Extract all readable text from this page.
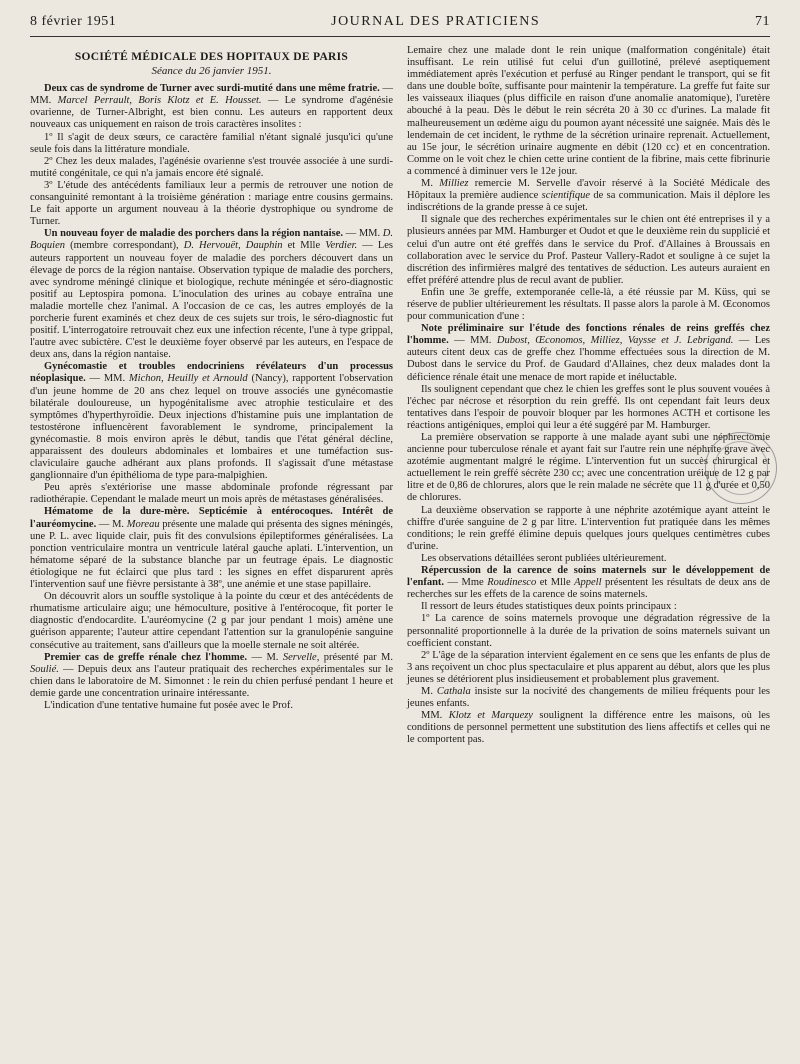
8 février 1951	JOURNAL DES PRATICIENS	71
SOCIÉTÉ MÉDICALE DES HOPITAUX DE PARIS
Séance du 26 janvier 1951.

Deux cas de syndrome de Turner avec surdi-mutité dans une même fratrie. — MM. Marcel Perrault, Boris Klotz et E. Housset. — Le syndrome d'agénésie ovarienne, de Turner-Albright, est bien connu. Les auteurs en rapportent deux nouveaux cas uniquement en raison de trois caractères insolites :

1º Il s'agit de deux sœurs, ce caractère familial n'étant signalé jusqu'ici qu'une seule fois dans la littérature mondiale.

2º Chez les deux malades, l'agénésie ovarienne s'est trouvée associée à une surdi-mutité congénitale, ce qui n'a jamais encore été signalé.

3º L'étude des antécédents familiaux leur a permis de retrouver une notion de consanguinité remontant à la troisième génération : mariage entre cousins germains. Le fait apporte un argument nouveau à la théorie dystrophique ou syndrome de Turner.

Un nouveau foyer de maladie des porchers dans la région nantaise. — MM. D. Boquien (membre correspondant), D. Hervouët, Dauphin et Mlle Verdier. — Les auteurs rapportent un nouveau foyer de maladie des porchers découvert dans un élevage de porcs de la région nantaise. Observation typique de maladie des porchers, avec syndrome méningé clinique et biologique, rechute méningée et séro-diagnostic positif au Leptospira pomona. L'inoculation des urines au cobaye entraîna une maladie mortelle chez l'animal. A l'occasion de ce cas, les autres employés de la porcherie furent examinés et chez deux de ces sujets sur trois, le séro-diagnostic fut positif. L'interrogatoire retrouvait chez eux une infection récente, l'une à type grippal, l'autre avec subictère. C'est le deuxième foyer observé par les auteurs, en l'espace de deux ans, dans la région nantaise.

Gynécomastie et troubles endocriniens révélateurs d'un processus néoplasique. — MM. Michon, Heuilly et Arnould (Nancy), rapportent l'observation d'un jeune homme de 20 ans chez lequel on trouve associés une gynécomastie bilatérale douloureuse, un hypogénitalisme avec atrophie testiculaire et des symptômes d'hyperthyroïdie. Deux injections d'histamine puis une implantation de testostérone influencèrent favorablement le syndrome, principalement la gynécomastie. 8 mois environ après le début, tandis que l'état général décline, apparaissent des douleurs abdominales et lombaires et une tuméfaction sus-claviculaire gauche adhérant aux plans profonds. Il s'agissait d'une métastase ganglionnaire d'un épithélioma de type para-malpighien.

Peu après s'extériorise une masse abdominale profonde régressant par radiothérapie. Cependant le malade meurt un mois après de métastases généralisées.

Hématome de la dure-mère. Septicémie à entérocoques. Intérêt de l'auréomycine. — M. Moreau présente une malade qui présenta des signes méningés, une P. L. avec liquide clair, puis fit des convulsions épileptiformes généralisées. La ponction ventriculaire montra un ventricule latéral gauche aplati. L'intervention, un hématome séparé de la substance blanche par un feutrage épais. Le diagnostic étiologique ne fut éclairci que plus tard : les signes en effet disparurent après l'intervention sauf une fièvre persistante à 38º, une anémie et une stase papillaire.

On découvrit alors un souffle systolique à la pointe du cœur et des antécédents de rhumatisme articulaire aigu; une hémoculture, positive à l'entérocoque, fit porter le diagnostic d'endocardite. L'auréomycine (2 g par jour pendant 1 mois) amène une guérison apparente; l'auteur attire cependant l'attention sur la granulopénie sanguine consécutive au traitement, sans d'ailleurs que la moelle sternale ne soit altérée.

Premier cas de greffe rénale chez l'homme. — M. Servelle, présenté par M. Soulié. — Depuis deux ans l'auteur pratiquait des recherches expérimentales sur le chien dans le laboratoire de M. Simonnet : le rein du chien perfusé pendant 1 heure et demie garde une concentration urinaire intéressante.

L'indication d'une tentative humaine fut posée avec le Prof.

Lemaire chez une malade dont le rein unique (malformation congénitale) était insuffisant. Le rein utilisé fut celui d'un guillotiné, prélevé aseptiquement immédiatement après l'exécution et perfusé au Ringer pendant le transport, qui se fit dans une double boîte, suffisante pour maintenir la température. La greffe fut faite sur les vaisseaux iliaques (plus difficile en raison d'une anomalie anatomique), l'uretère abouché à la peau. Dès le début le rein sécréta 20 à 30 cc d'urines. La malade fit malheureusement un œdème aigu du poumon ayant nécessité une saignée. Mais dès le lendemain de cet incident, le rythme de la sécrétion urinaire reprenait. Actuellement, au 15e jour, le sécrétion urinaire augmente en débit (120 cc) et en concentration. Comme on le voit chez le chien cette urine contient de la fibrine, mais cette fibrinurie a commencé à diminuer vers le 12e jour.

M. Milliez remercie M. Servelle d'avoir réservé à la Société Médicale des Hôpitaux la première audience scientifique de sa communication. Mais il déplore les indiscrétions de la grande presse à ce sujet.

Il signale que des recherches expérimentales sur le chien ont été entreprises il y a plusieurs années par MM. Hamburger et Oudot et que le deuxième rein du supplicié et celui d'un autre ont été greffés dans le service du Prof. d'Allaines à Broussais en collaboration avec le service du Prof. Pasteur Vallery-Radot et souligne à ce sujet la discrétion des infirmières malgré des tentatives de séduction. Les auteurs auraient en effet préféré attendre plus de recul avant de publier.

Enfin une 3e greffe, extemporanée celle-là, a été réussie par M. Küss, qui se réserve de publier ultérieurement les résultats. Il passe alors la parole à M. Œconomos pour communication d'une :

Note préliminaire sur l'étude des fonctions rénales de reins greffés chez l'homme. — MM. Dubost, Œconomos, Milliez, Vaysse et J. Lebrigand. — Les auteurs citent deux cas de greffe chez l'homme effectuées sous la direction de M. Dubost dans le service du Prof. de Gaudard d'Allaines, chez deux malades dont la déficience rénale était une menace de mort rapide et inéluctable.

Ils soulignent cependant que chez le chien les greffes sont le plus souvent vouées à l'échec par nécrose et résorption du rein greffé. Ils ont cependant fait leurs deux tentatives dans l'espoir de pouvoir bloquer par les hormones ACTH et cortisone les réactions antigéniques, emploi qui leur a été suggéré par M. Hamburger.

La première observation se rapporte à une malade ayant subi une néphrectomie ancienne pour tuberculose rénale et ayant fait sur l'autre rein une néphrite grave avec azotémie augmentant malgré le régime. L'intervention fut un succès chirurgical et actuellement le rein greffé sécrète 230 cc; avec une concentration uréique de 12 g par litre et de 0,86 de chlorures, alors que le rein malade ne sécrète que 11 g d'urée et 0,50 de chlorures.

La deuxième observation se rapporte à une néphrite azotémique ayant atteint le chiffre d'urée sanguine de 2 g par litre. L'intervention fut pratiquée dans les mêmes conditions; le rein greffé élimine depuis quelques jours quelques centimètres cubes d'urine.

Les observations détaillées seront publiées ultérieurement.

Répercussion de la carence de soins maternels sur le développement de l'enfant. — Mme Roudinesco et Mlle Appell présentent les résultats de deux ans de recherches sur les effets de la carence de soins maternels.

Il ressort de leurs études statistiques deux points principaux :

1º La carence de soins maternels provoque une dégradation régressive de la personnalité proportionnelle à la durée de la privation de soins maternels suivant un coefficient constant.

2º L'âge de la séparation intervient également en ce sens que les enfants de plus de 3 ans reçoivent un choc plus spectaculaire et plus apparent au début, alors que les plus jeunes se détériorent plus insidieusement et probablement plus gravement.

M. Cathala insiste sur la nocivité des changements de milieu fréquents pour les jeunes enfants.

MM. Klotz et Marquezy soulignent la différence entre les maisons, où les conditions de personnel permettent une substitution des liens affectifs et celles qui ne le comportent pas.
